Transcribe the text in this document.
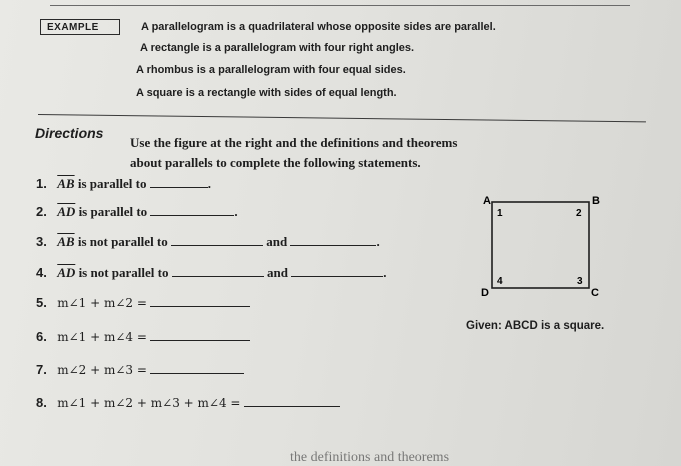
EXAMPLE	A parallelogram is a quadrilateral whose opposite sides are parallel.
A rectangle is a parallelogram with four right angles.
A rhombus is a parallelogram with four equal sides.
A square is a rectangle with sides of equal length.
Directions
Use the figure at the right and the definitions and theorems
about parallels to complete the following statements.
1. $\overline{AB}$ is parallel to	.
2. $\overline{AD}$ is parallel to	.
3. $\overline{AB}$ is not parallel to	and	.
4. $\overline{AD}$ is not parallel to	and	.
5. m∠1 + m∠2 =
6. m∠1 + m∠4 =
7. m∠2 + m∠3 =
8. m∠1 + m∠2 + m∠3 + m∠4 =
A	B
C
D
1	2
3
4
Given: ABCD is a square.
the definitions and theorems
